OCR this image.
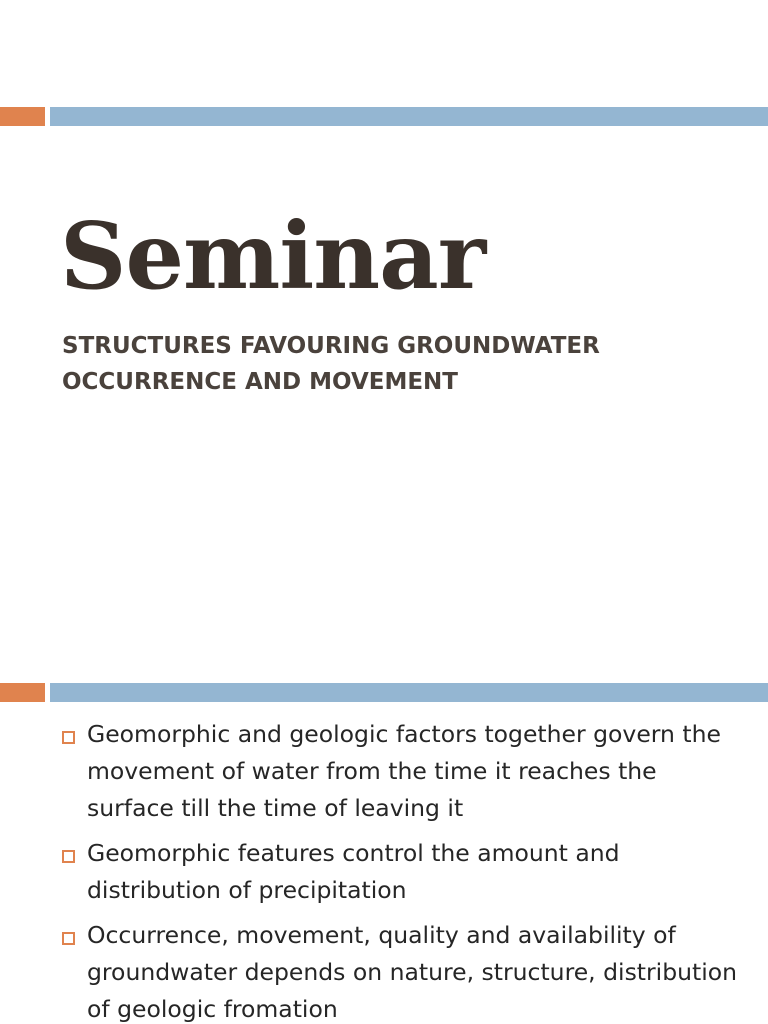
Seminar

STRUCTURES FAVOURING GROUNDWATER OCCURRENCE AND MOVEMENT

Geomorphic and geologic factors together govern the movement of water from the time it reaches the surface till the time of leaving it
Geomorphic features control the amount and distribution of precipitation
Occurrence, movement, quality and availability of groundwater depends on nature, structure, distribution of geologic fromation
